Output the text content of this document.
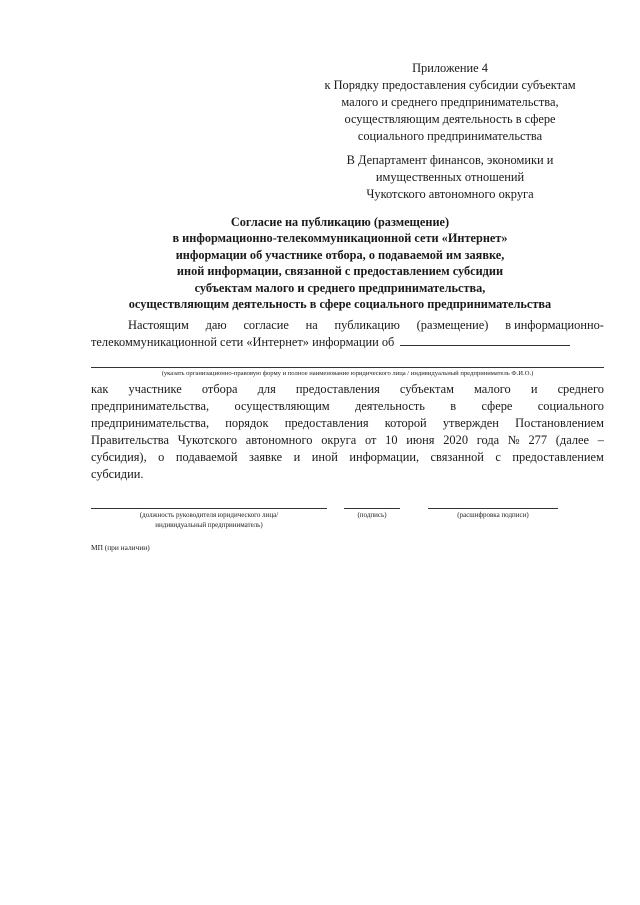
Приложение 4
к Порядку предоставления субсидии субъектам
малого и среднего предпринимательства,
осуществляющим деятельность в сфере
социального предпринимательства
В Департамент финансов, экономики и
имущественных отношений
Чукотского автономного округа
Согласие на публикацию (размещение)
в информационно-телекоммуникационной сети «Интернет»
информации об участнике отбора, о подаваемой им заявке,
иной информации, связанной с предоставлением субсидии
субъектам малого и среднего предпринимательства,
осуществляющим деятельность в сфере социального предпринимательства
Настоящим даю согласие на публикацию (размещение) в информационно-
телекоммуникационной сети «Интернет» информации об
(указать организационно-правовую форму и полное наименование юридического лица / индивидуальный предприниматель Ф.И.О.)
как участнике отбора для предоставления субъектам малого и среднего
предпринимательства, осуществляющим деятельность в сфере социального
предпринимательства, порядок предоставления которой утвержден Постановлением
Правительства Чукотского автономного округа от 10 июня 2020 года № 277 (далее –
субсидия), о подаваемой заявке и иной информации, связанной с предоставлением
субсидии.
(должность руководителя юридического лица/
индивидуальный предприниматель)
(подпись)	(расшифровка подписи)
МП (при наличии)
